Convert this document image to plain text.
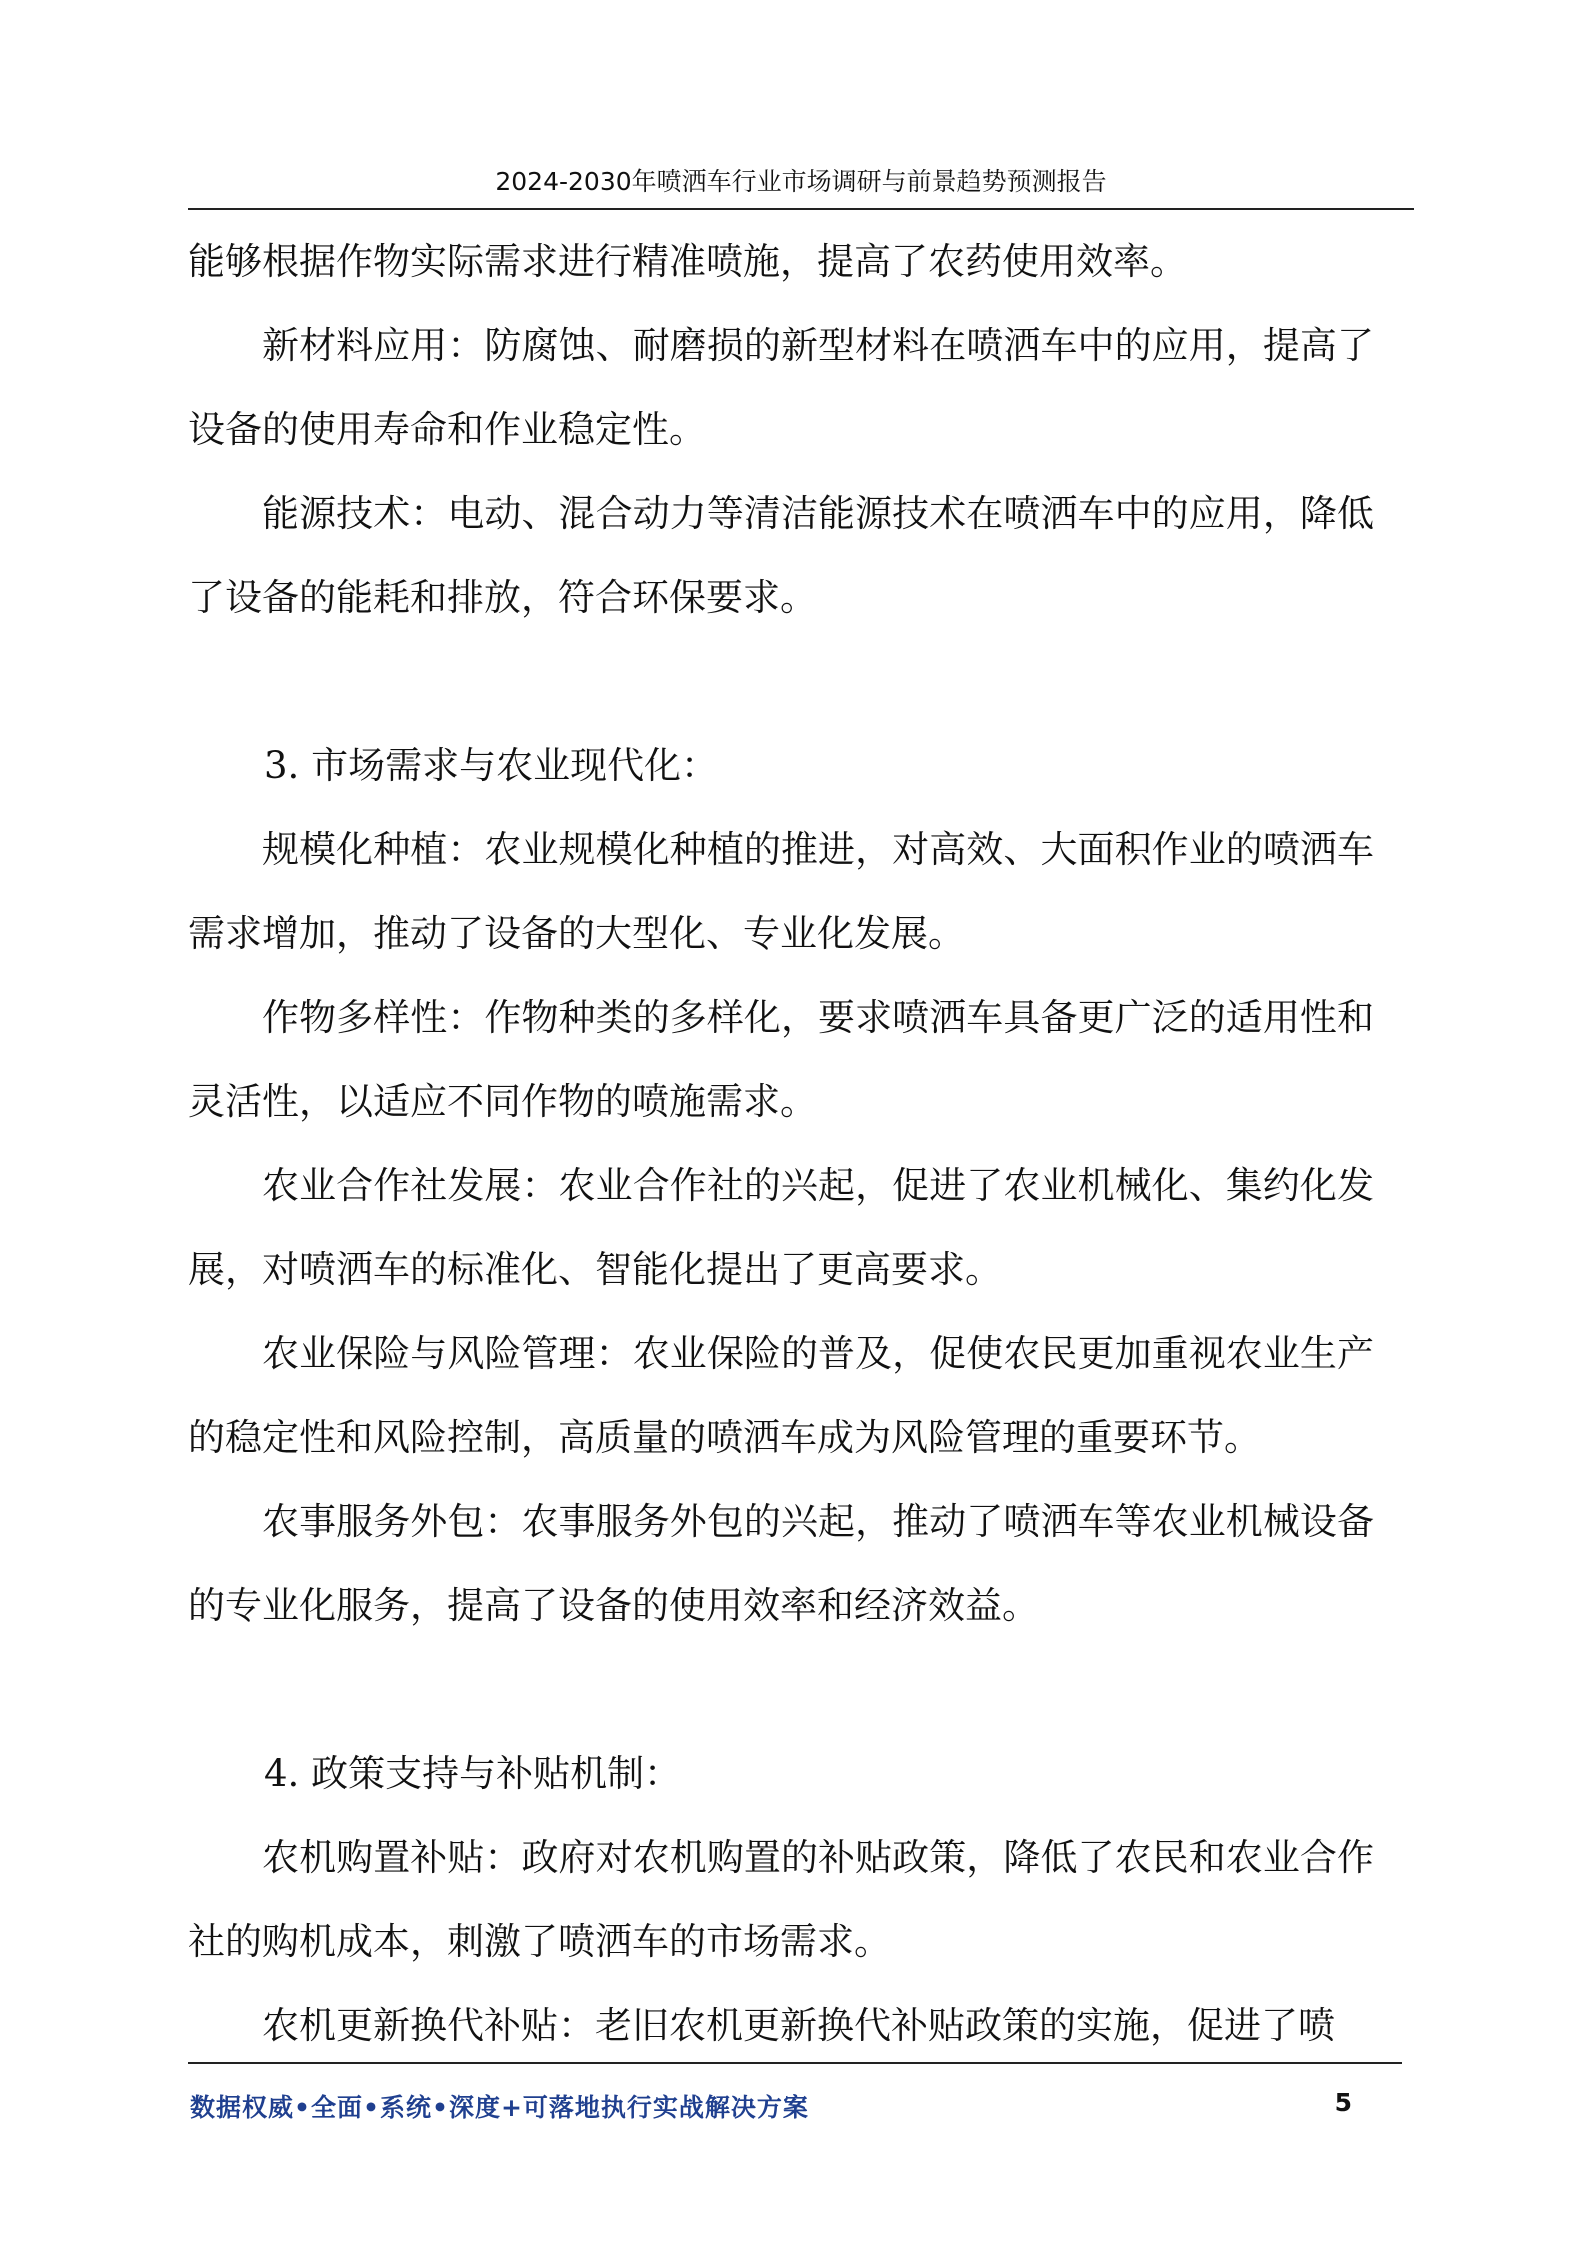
2024-2030年喷洒车行业市场调研与前景趋势预测报告

能够根据作物实际需求进行精准喷施，提高了农药使用效率。

新材料应用：防腐蚀、耐磨损的新型材料在喷洒车中的应用，提高了设备的使用寿命和作业稳定性。

能源技术：电动、混合动力等清洁能源技术在喷洒车中的应用，降低了设备的能耗和排放，符合环保要求。

3. 市场需求与农业现代化：

规模化种植：农业规模化种植的推进，对高效、大面积作业的喷洒车需求增加，推动了设备的大型化、专业化发展。

作物多样性：作物种类的多样化，要求喷洒车具备更广泛的适用性和灵活性，以适应不同作物的喷施需求。

农业合作社发展：农业合作社的兴起，促进了农业机械化、集约化发展，对喷洒车的标准化、智能化提出了更高要求。

农业保险与风险管理：农业保险的普及，促使农民更加重视农业生产的稳定性和风险控制，高质量的喷洒车成为风险管理的重要环节。

农事服务外包：农事服务外包的兴起，推动了喷洒车等农业机械设备的专业化服务，提高了设备的使用效率和经济效益。

4. 政策支持与补贴机制：

农机购置补贴：政府对农机购置的补贴政策，降低了农民和农业合作社的购机成本，刺激了喷洒车的市场需求。

农机更新换代补贴：老旧农机更新换代补贴政策的实施，促进了喷

数据权威•全面•系统•深度+可落地执行实战解决方案	5
